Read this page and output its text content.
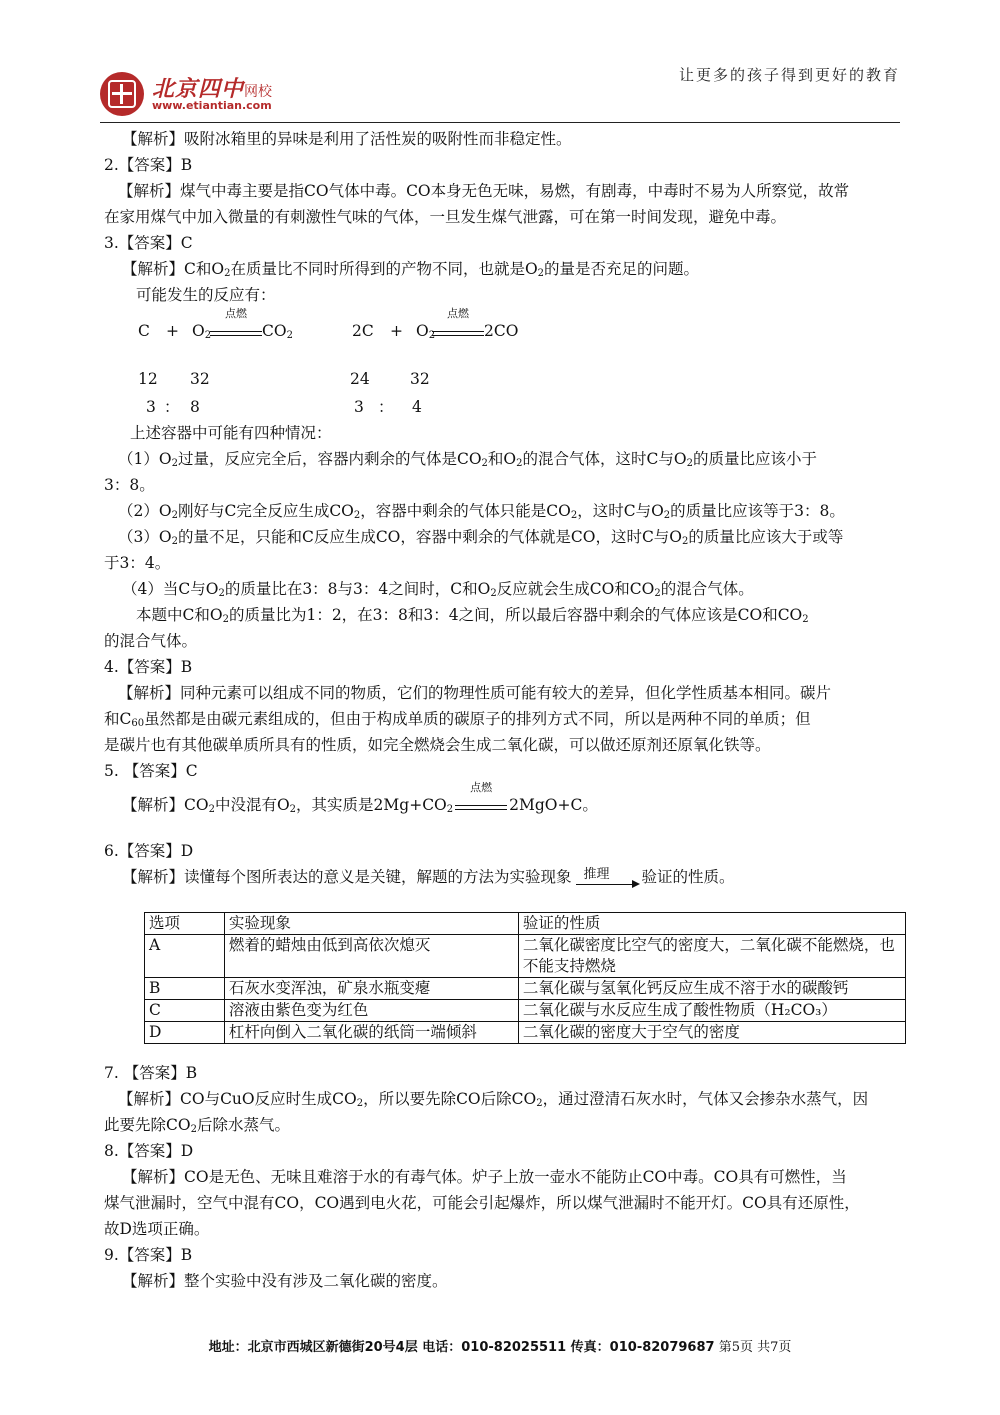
北京四中网校
www.etiantian.com
让更多的孩子得到更好的教育

【解析】吸附冰箱里的异味是利用了活性炭的吸附性而非稳定性。

2.【答案】B

【解析】煤气中毒主要是指CO气体中毒。CO本身无色无味，易燃，有剧毒，中毒时不易为人所察觉，故常

在家用煤气中加入微量的有刺激性气味的气体，一旦发生煤气泄露，可在第一时间发现，避免中毒。

3.【答案】C

【解析】C和$O_2$在质量比不同时所得到的产物不同，也就是$O_2$的量是否充足的问题。

可能发生的反应有：

$C + O_2$
点燃

$CO_2$	$2C + O_2$
点燃

2CO
12 32	24	32
3 ： 8	3 ： 4

上述容器中可能有四种情况：

$(1)O_2$过量，反应完全后，容器内剩余的气体是$CO_2$和$O_2$的混合气体，这时C与$O_2$的质量比应该小于

3：8。

$(2)O_2$刚好与C完全反应生成$CO_2$，容器中剩余的气体只能是$CO_2$，这时C与$O_2$的质量比应该等于3：8。

$(3)O_2$的量不足，只能和C反应生成CO，容器中剩余的气体就是CO，这时C与$O_2$的质量比应该大于或等

于3：4。

（4）当C与$O_2$的质量比在3：8与3：4之间时，C和$O_2$反应就会生成CO和$CO_2$的混合气体。

本题中C和$O_2$的质量比为1：2，在3：8和3：4之间，所以最后容器中剩余的气体应该是CO和$CO_2$

的混合气体。

4.【答案】B

【解析】同种元素可以组成不同的物质，它们的物理性质可能有较大的差异，但化学性质基本相同。碳片

和$C_{60}$虽然都是由碳元素组成的，但由于构成单质的碳原子的排列方式不同，所以是两种不同的单质；但

是碳片也有其他碳单质所具有的性质，如完全燃烧会生成二氧化碳，可以做还原剂还原氧化铁等。

5. 【答案】C

【解析】$CO_2$中没混有$O_2$，其实质是$2Mg+CO_2$
点燃
2MgO+C。

6.【答案】D

【解析】读懂每个图所表达的意义是关键，解题的方法为实验现象 推理 验证的性质。

选项	实验现象	验证的性质
A	燃着的蜡烛由低到高依次熄灭	二氧化碳密度比空气的密度大，二氧化碳不能燃烧，也不能支持燃烧
B	石灰水变浑浊，矿泉水瓶变瘪	二氧化碳与氢氧化钙反应生成不溶于水的碳酸钙
C	溶液由紫色变为红色	二氧化碳与水反应生成了酸性物质（H₂CO₃）
D	杠杆向倒入二氧化碳的纸筒一端倾斜	二氧化碳的密度大于空气的密度

7. 【答案】B

【解析】CO与CuO反应时生成$CO_2$，所以要先除CO后除$CO_2$，通过澄清石灰水时，气体又会掺杂水蒸气，因

此要先除$CO_2$后除水蒸气。

8.【答案】D

【解析】CO是无色、无味且难溶于水的有毒气体。炉子上放一壶水不能防止CO中毒。CO具有可燃性，当

煤气泄漏时，空气中混有CO，CO遇到电火花，可能会引起爆炸，所以煤气泄漏时不能开灯。CO具有还原性，

故D选项正确。

9.【答案】B

【解析】整个实验中没有涉及二氧化碳的密度。

地址：北京市西城区新德街20号4层 电话：010-82025511 传真：010-82079687 第5页 共7页
